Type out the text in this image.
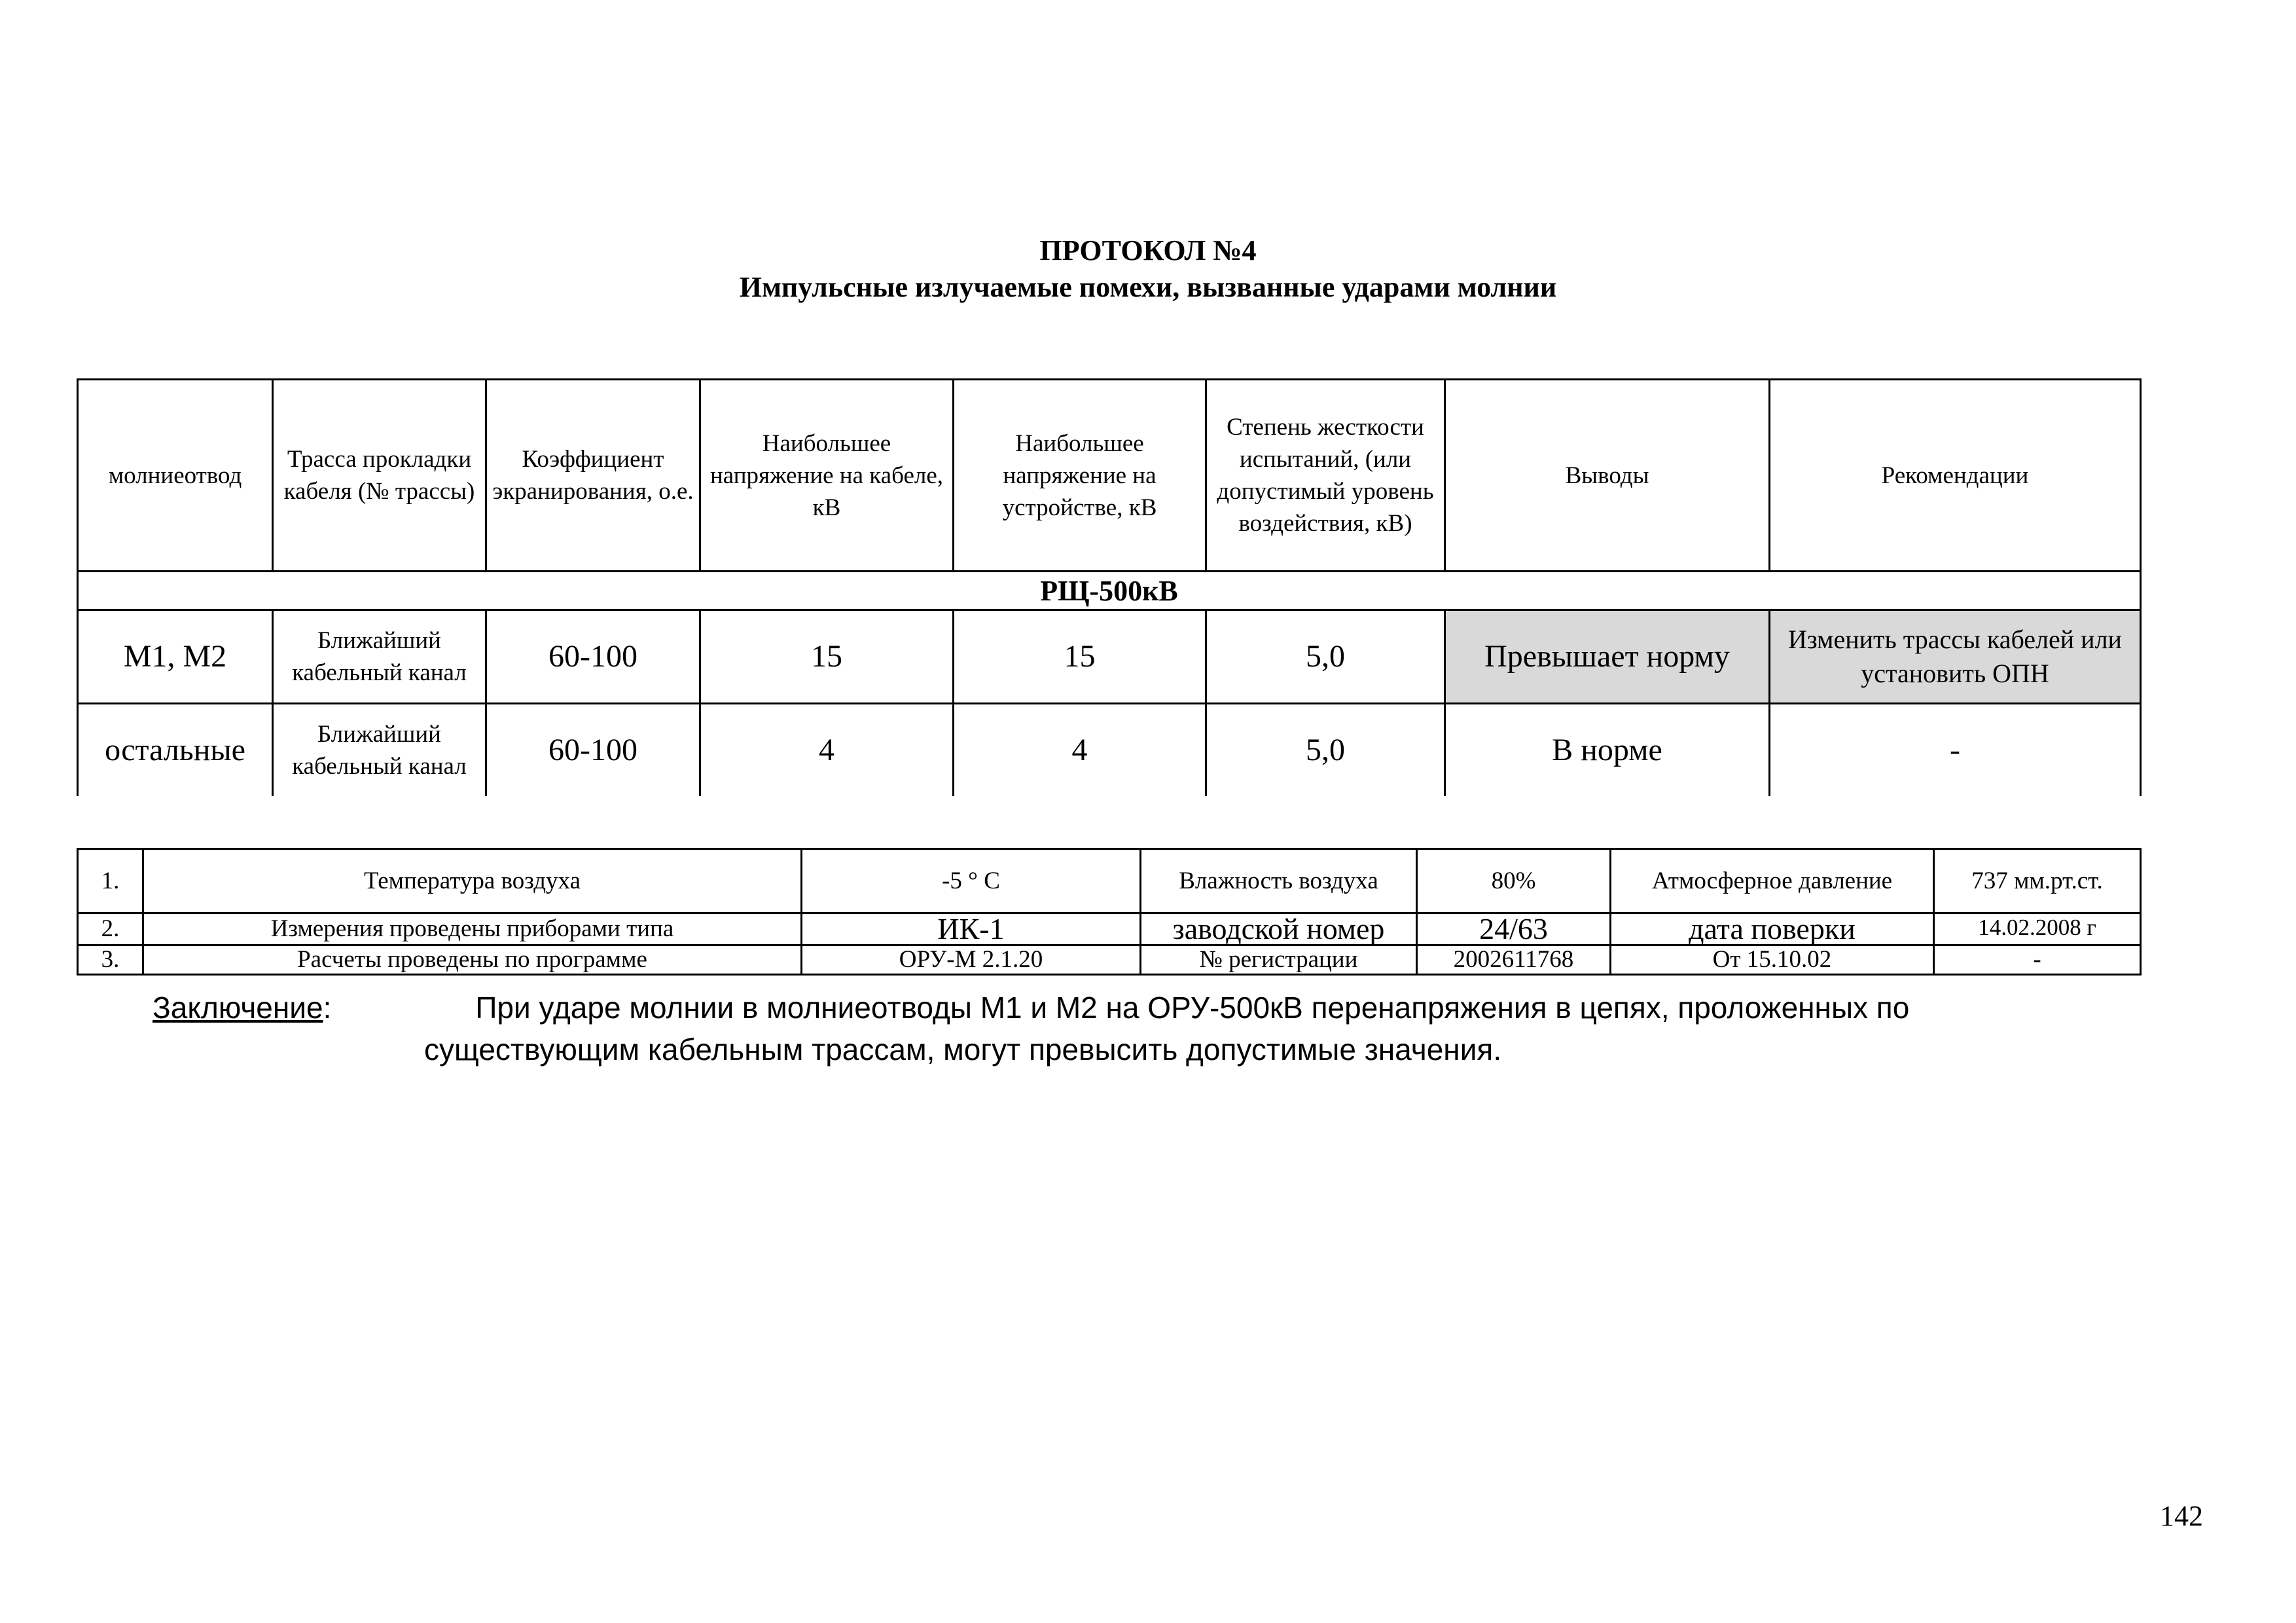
ПРОТОКОЛ №4
Импульсные излучаемые помехи, вызванные ударами молнии
молниеотвод	Трасса прокладки кабеля (№ трассы)	Коэффициент экранирования, о.е.	Наибольшее напряжение на кабеле, кВ	Наибольшее напряжение на устройстве, кВ	Степень жесткости испытаний, (или допустимый уровень воздействия, кВ)	Выводы	Рекомендации
РЩ-500кВ							
М1, М2	Ближайший кабельный канал	60-100	15	15	5,0	Превышает норму	Изменить трассы кабелей или установить ОПН
остальные	Ближайший кабельный канал	60-100	4	4	5,0	В норме	-
1.	Температура воздуха	-5 ° С	Влажность воздуха	80%	Атмосферное давление	737 мм.рт.ст.
2.	Измерения проведены приборами типа	ИК-1	заводской номер	24/63	дата поверки	14.02.2008 г
3.	Расчеты проведены по программе	ОРУ-М 2.1.20	№ регистрации	2002611768	От 15.10.02	-
Заключение:	При ударе молнии в молниеотводы М1 и М2 на ОРУ-500кВ перенапряжения в цепях, проложенных по
существующим кабельным трассам, могут превысить допустимые значения.
142
